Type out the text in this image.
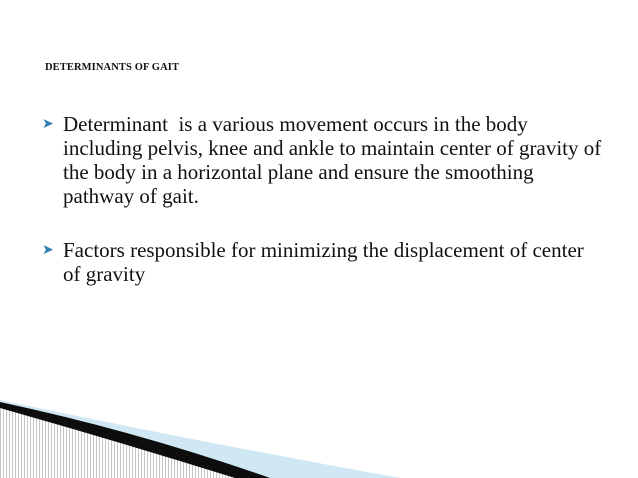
DETERMINANTS OF GAIT
➤ Determinant  is a various movement occurs in the body including pelvis, knee and ankle to maintain center of gravity of the body in a horizontal plane and ensure the smoothing pathway of gait.
➤ Factors responsible for minimizing the displacement of center of gravity
